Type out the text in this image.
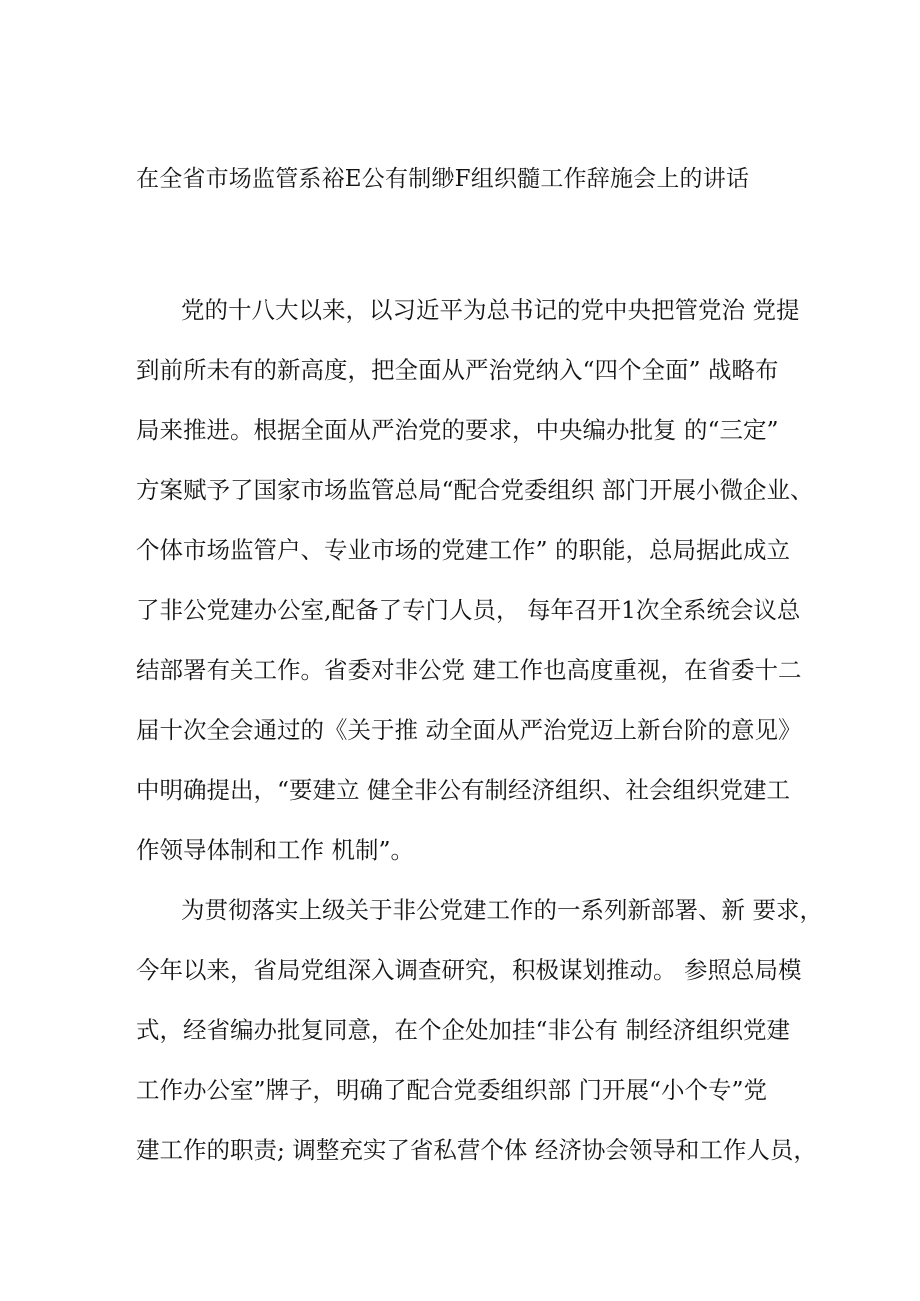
在全省市场监管系裕E公有制缈F组织髓工作辞施会上的讲话
党的十八大以来，以习近平为总书记的党中央把管党治 党提
到前所未有的新高度，把全面从严治党纳入“四个全面” 战略布
局来推进。根据全面从严治党的要求，中央编办批复 的“三定”
方案赋予了国家市场监管总局“配合党委组织 部门开展小微企业、
个体市场监管户、专业市场的党建工作” 的职能，总局据此成立
了非公党建办公室,配备了专门人员， 每年召开1次全系统会议总
结部署有关工作。省委对非公党 建工作也高度重视，在省委十二
届十次全会通过的《关于推 动全面从严治党迈上新台阶的意见》
中明确提出，“要建立 健全非公有制经济组织、社会组织党建工
作领导体制和工作 机制”。
为贯彻落实上级关于非公党建工作的一系列新部署、新 要求，
今年以来，省局党组深入调查研究，积极谋划推动。 参照总局模
式，经省编办批复同意，在个企处加挂“非公有 制经济组织党建
工作办公室”牌子，明确了配合党委组织部 门开展“小个专”党
建工作的职责; 调整充实了省私营个体 经济协会领导和工作人员，
